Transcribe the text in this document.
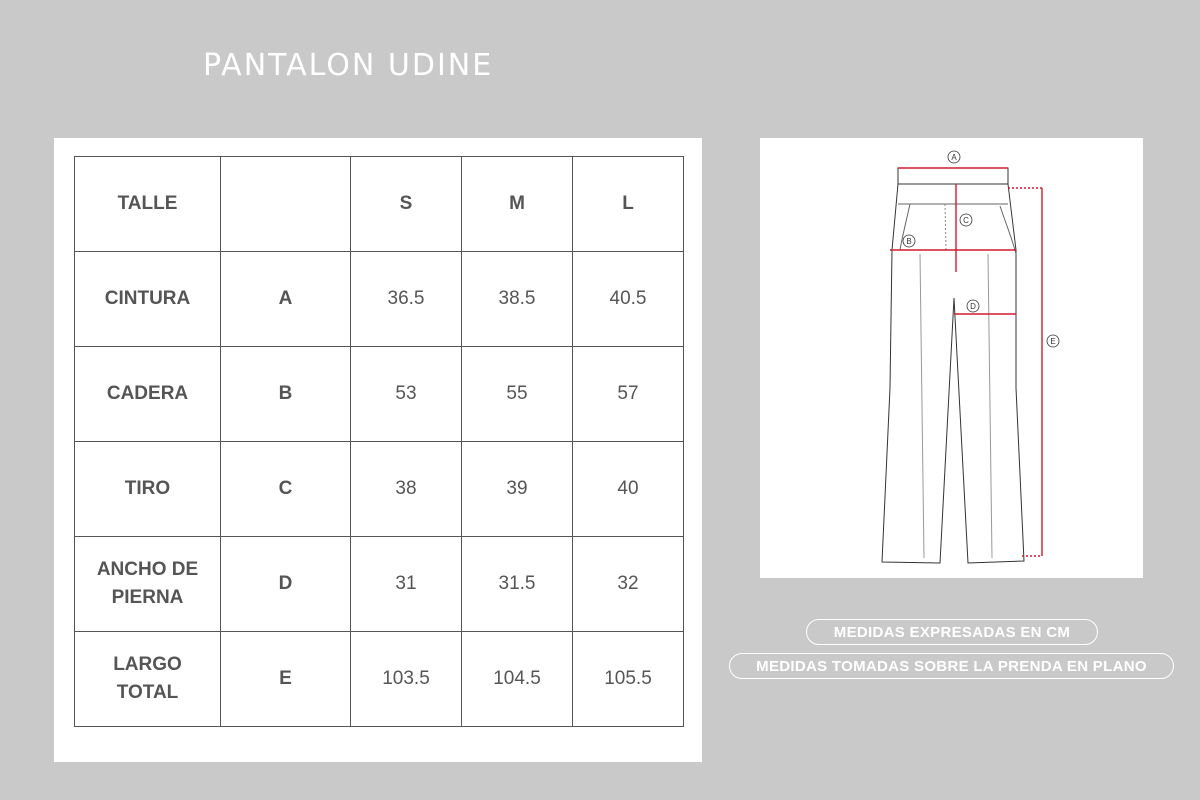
PANTALON UDINE
TALLE		S	M	L
CINTURA	A	36.5	38.5	40.5
CADERA	B	53	55	57
TIRO	C	38	39	40
ANCHO DE PIERNA	D	31	31.5	32
LARGO TOTAL	E	103.5	104.5	105.5
A
B
C
D
E
MEDIDAS EXPRESADAS EN CM
MEDIDAS TOMADAS SOBRE LA PRENDA EN PLANO
